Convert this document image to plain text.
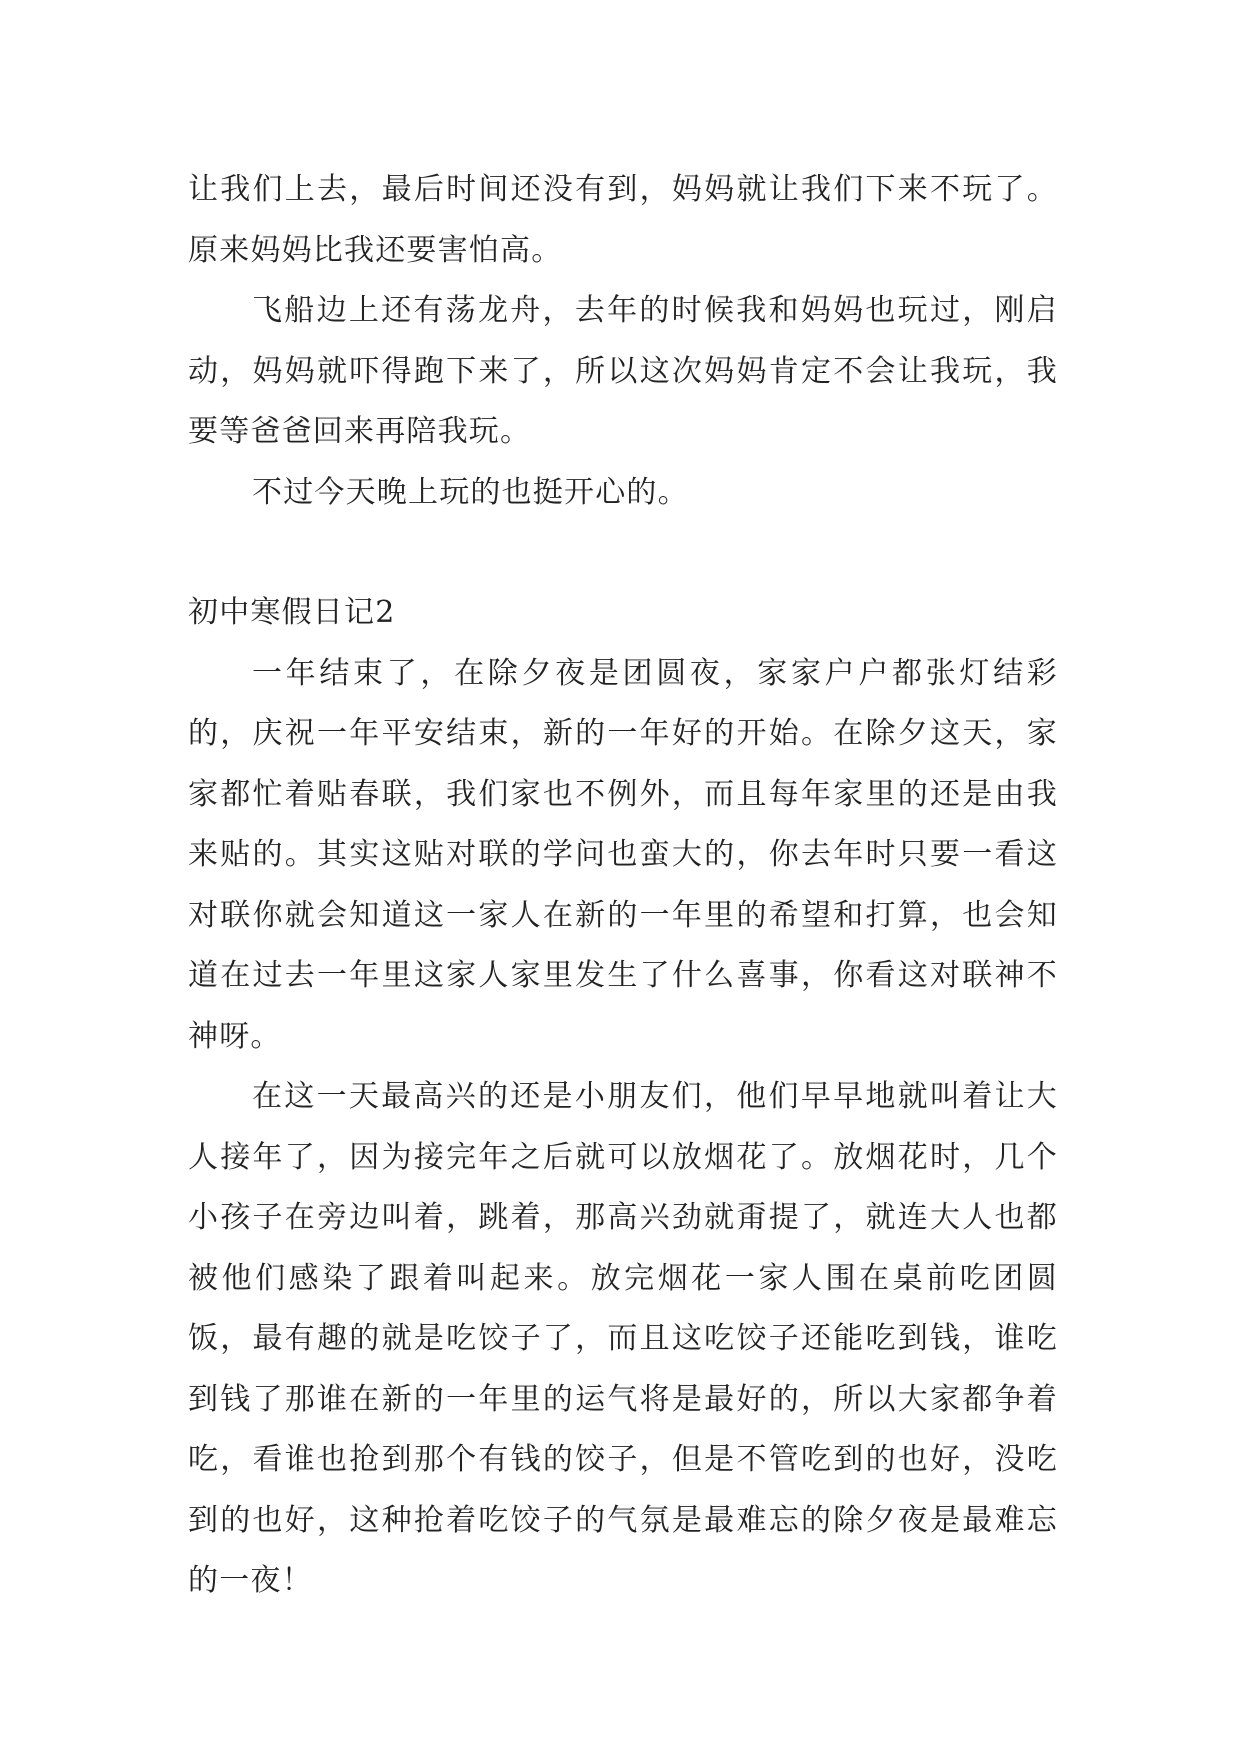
让我们上去，最后时间还没有到，妈妈就让我们下来不玩了。原来妈妈比我还要害怕高。

飞船边上还有荡龙舟，去年的时候我和妈妈也玩过，刚启动，妈妈就吓得跑下来了，所以这次妈妈肯定不会让我玩，我要等爸爸回来再陪我玩。

不过今天晚上玩的也挺开心的。

初中寒假日记2

一年结束了，在除夕夜是团圆夜，家家户户都张灯结彩的，庆祝一年平安结束，新的一年好的开始。在除夕这天，家家都忙着贴春联，我们家也不例外，而且每年家里的还是由我来贴的。其实这贴对联的学问也蛮大的，你去年时只要一看这对联你就会知道这一家人在新的一年里的希望和打算，也会知道在过去一年里这家人家里发生了什么喜事，你看这对联神不神呀。

在这一天最高兴的还是小朋友们，他们早早地就叫着让大人接年了，因为接完年之后就可以放烟花了。放烟花时，几个小孩子在旁边叫着，跳着，那高兴劲就甭提了，就连大人也都被他们感染了跟着叫起来。放完烟花一家人围在桌前吃团圆饭，最有趣的就是吃饺子了，而且这吃饺子还能吃到钱，谁吃到钱了那谁在新的一年里的运气将是最好的，所以大家都争着吃，看谁也抢到那个有钱的饺子，但是不管吃到的也好，没吃到的也好，这种抢着吃饺子的气氛是最难忘的除夕夜是最难忘的一夜！
